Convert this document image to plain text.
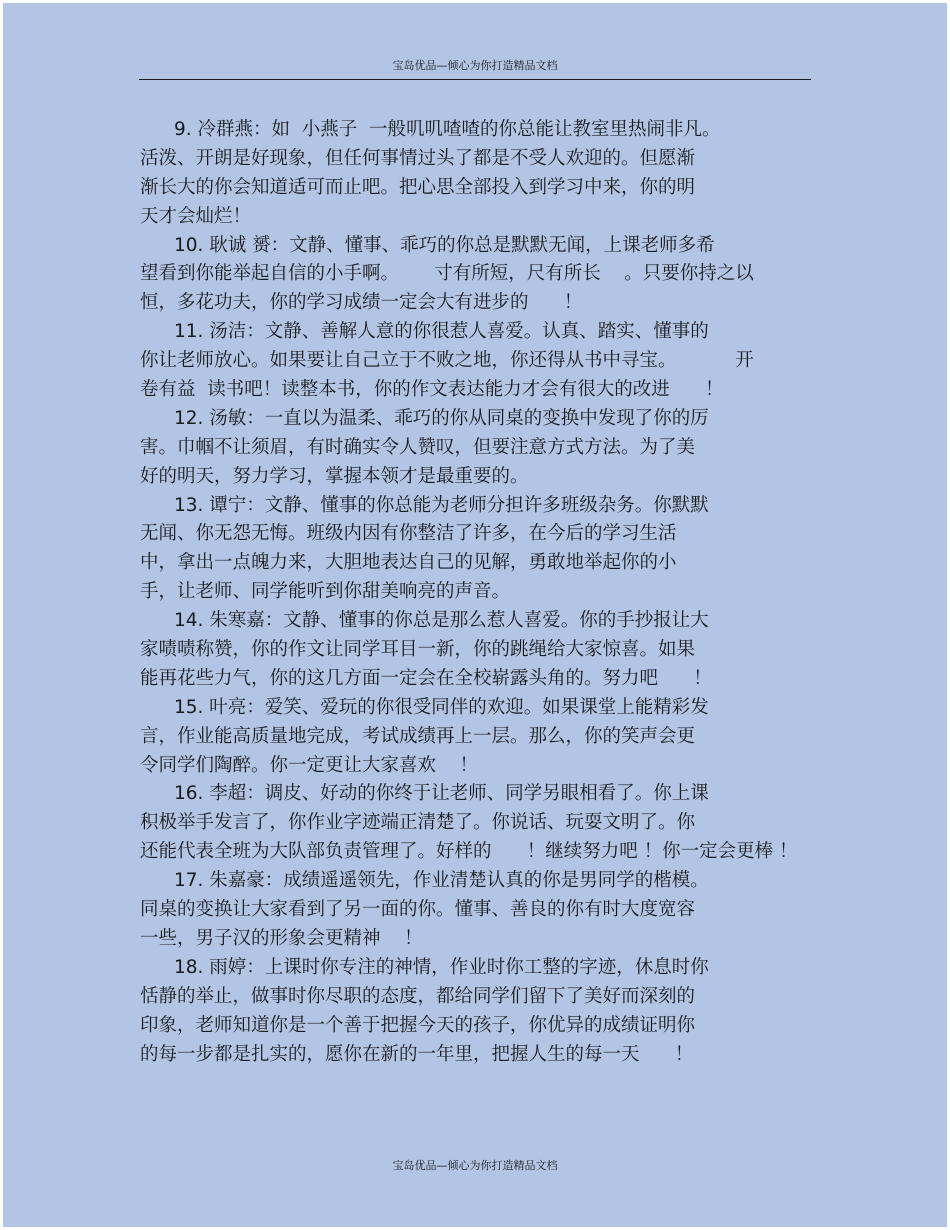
宝岛优品—倾心为你打造精品文档
9. 冷群燕：如  小燕子  一般叽叽喳喳的你总能让教室里热闹非凡。
活泼、开朗是好现象，但任何事情过头了都是不受人欢迎的。但愿渐
渐长大的你会知道适可而止吧。把心思全部投入到学习中来，你的明
天才会灿烂！
10. 耿诚 赟：文静、懂事、乖巧的你总是默默无闻，上课老师多希
望看到你能举起自信的小手啊。      寸有所短，尺有所长    。只要你持之以
恒，多花功夫，你的学习成绩一定会大有进步的      ！
11. 汤洁：文静、善解人意的你很惹人喜爱。认真、踏实、懂事的
你让老师放心。如果要让自己立于不败之地，你还得从书中寻宝。          开
卷有益  读书吧！读整本书，你的作文表达能力才会有很大的改进      ！
12. 汤敏：一直以为温柔、乖巧的你从同桌的变换中发现了你的厉
害。巾帼不让须眉，有时确实令人赞叹，但要注意方式方法。为了美
好的明天，努力学习，掌握本领才是最重要的。
13. 谭宁：文静、懂事的你总能为老师分担许多班级杂务。你默默
无闻、你无怨无悔。班级内因有你整洁了许多，在今后的学习生活
中，拿出一点魄力来，大胆地表达自己的见解，勇敢地举起你的小
手，让老师、同学能听到你甜美响亮的声音。
14. 朱寒嘉：文静、懂事的你总是那么惹人喜爱。你的手抄报让大
家啧啧称赞，你的作文让同学耳目一新，你的跳绳给大家惊喜。如果
能再花些力气，你的这几方面一定会在全校崭露头角的。努力吧      ！
15. 叶亮：爱笑、爱玩的你很受同伴的欢迎。如果课堂上能精彩发
言，作业能高质量地完成，考试成绩再上一层。那么，你的笑声会更
令同学们陶醉。你一定更让大家喜欢    ！
16. 李超：调皮、好动的你终于让老师、同学另眼相看了。你上课
积极举手发言了，你作业字迹端正清楚了。你说话、玩耍文明了。你
还能代表全班为大队部负责管理了。好样的      ！继续努力吧 ！你一定会更棒 ！
17. 朱嘉豪：成绩遥遥领先，作业清楚认真的你是男同学的楷模。
同桌的变换让大家看到了另一面的你。懂事、善良的你有时大度宽容
一些，男子汉的形象会更精神    ！
18. 雨婷：上课时你专注的神情，作业时你工整的字迹，休息时你
恬静的举止，做事时你尽职的态度，都给同学们留下了美好而深刻的
印象，老师知道你是一个善于把握今天的孩子，你优异的成绩证明你
的每一步都是扎实的，愿你在新的一年里，把握人生的每一天      ！
宝岛优品—倾心为你打造精品文档
